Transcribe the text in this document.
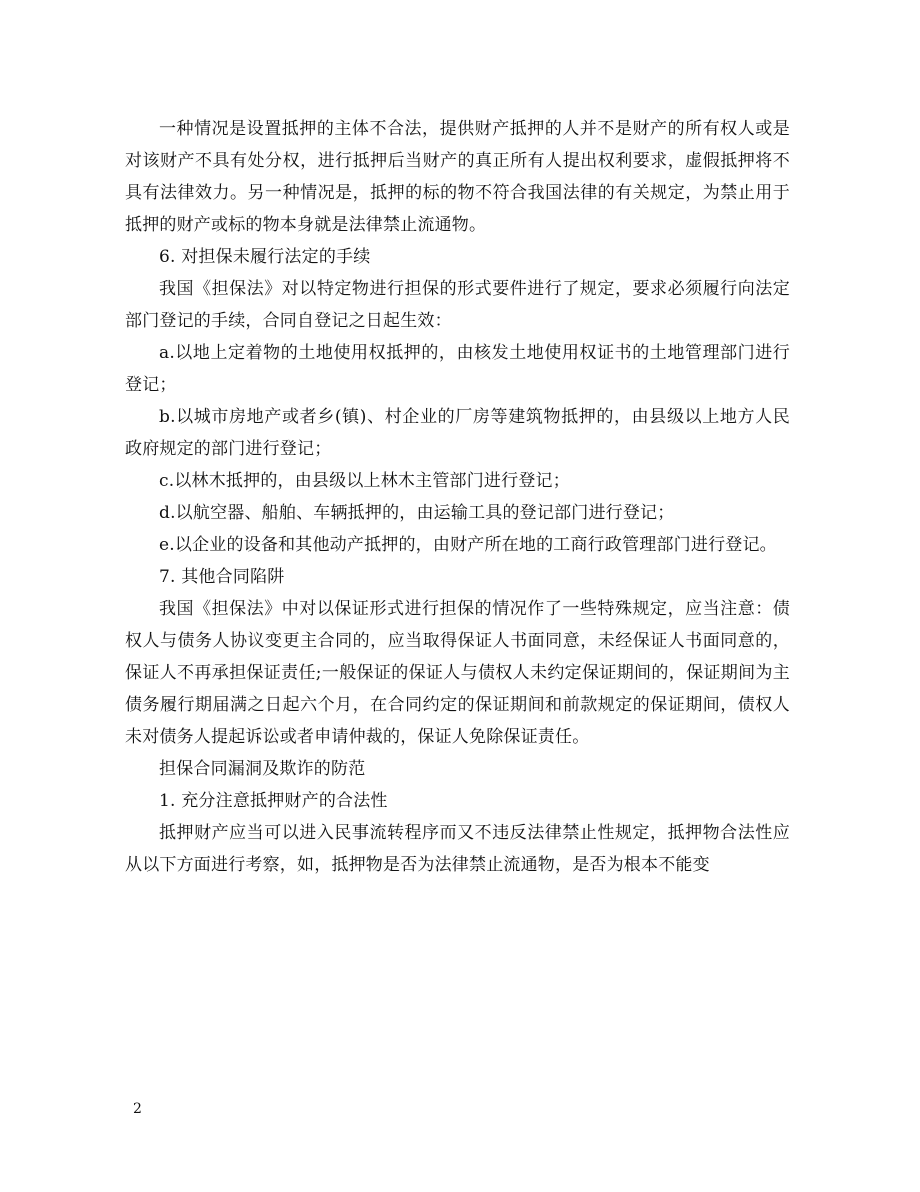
一种情况是设置抵押的主体不合法，提供财产抵押的人并不是财产的所有权人或是对该财产不具有处分权，进行抵押后当财产的真正所有人提出权利要求，虚假抵押将不具有法律效力。另一种情况是，抵押的标的物不符合我国法律的有关规定，为禁止用于抵押的财产或标的物本身就是法律禁止流通物。

6. 对担保未履行法定的手续

我国《担保法》对以特定物进行担保的形式要件进行了规定，要求必须履行向法定部门登记的手续，合同自登记之日起生效：

a.以地上定着物的土地使用权抵押的，由核发土地使用权证书的土地管理部门进行登记；

b.以城市房地产或者乡(镇)、村企业的厂房等建筑物抵押的，由县级以上地方人民政府规定的部门进行登记；

c.以林木抵押的，由县级以上林木主管部门进行登记；

d.以航空器、船舶、车辆抵押的，由运输工具的登记部门进行登记；

e.以企业的设备和其他动产抵押的，由财产所在地的工商行政管理部门进行登记。

7. 其他合同陷阱

我国《担保法》中对以保证形式进行担保的情况作了一些特殊规定，应当注意：债权人与债务人协议变更主合同的，应当取得保证人书面同意，未经保证人书面同意的，保证人不再承担保证责任;一般保证的保证人与债权人未约定保证期间的，保证期间为主债务履行期届满之日起六个月，在合同约定的保证期间和前款规定的保证期间，债权人未对债务人提起诉讼或者申请仲裁的，保证人免除保证责任。

担保合同漏洞及欺诈的防范

1. 充分注意抵押财产的合法性

抵押财产应当可以进入民事流转程序而又不违反法律禁止性规定，抵押物合法性应从以下方面进行考察，如，抵押物是否为法律禁止流通物，是否为根本不能变

2
